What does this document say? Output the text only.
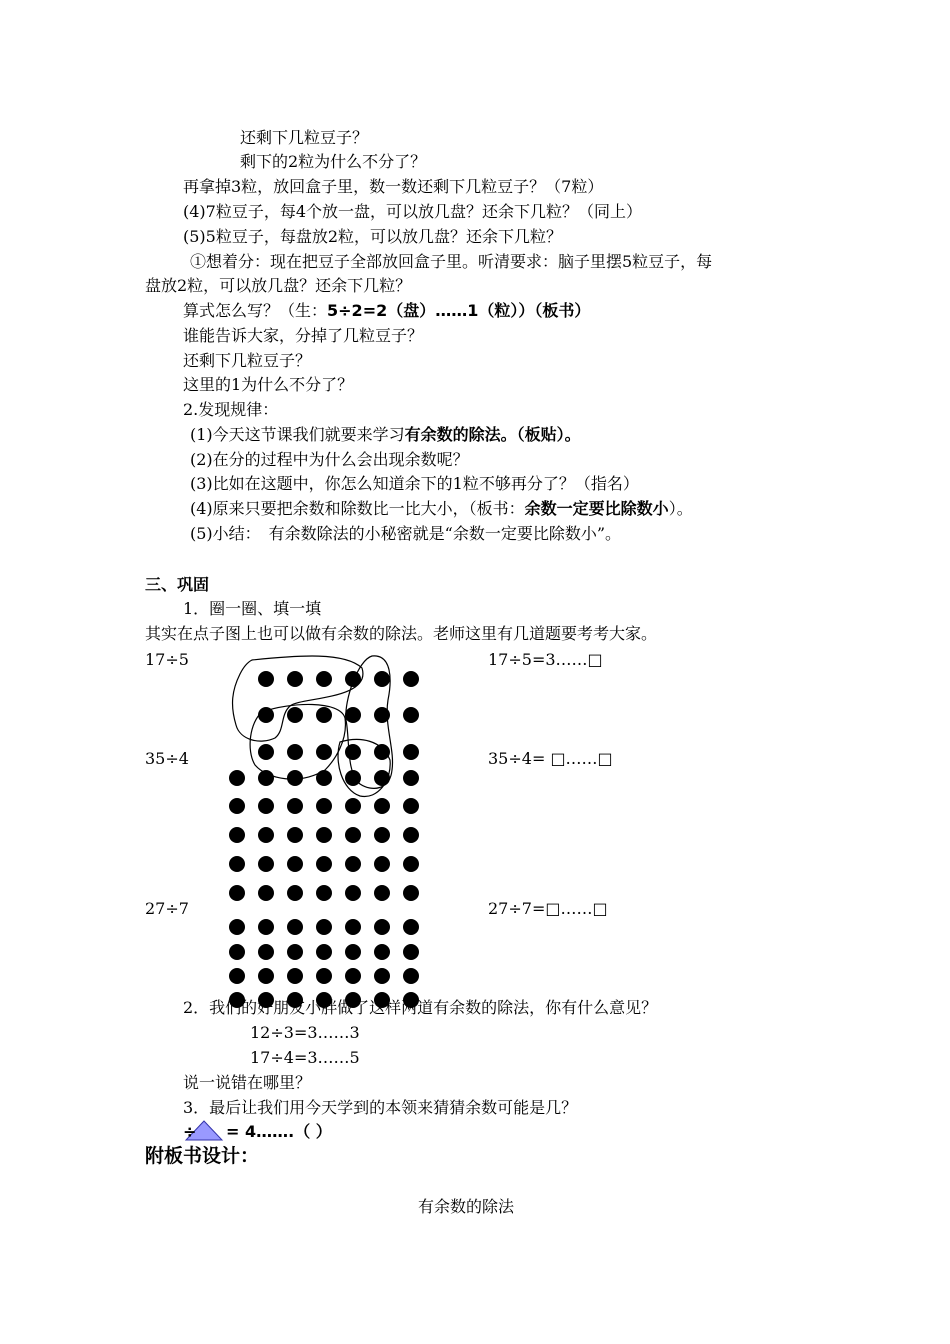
还剩下几粒豆子？
剩下的2粒为什么不分了？
再拿掉3粒，放回盒子里，数一数还剩下几粒豆子？（7粒）
(4)7粒豆子，每4个放一盘，可以放几盘？还余下几粒？（同上）
(5)5粒豆子，每盘放2粒，可以放几盘？还余下几粒？
①想着分：现在把豆子全部放回盒子里。听清要求：脑子里摆5粒豆子，每
盘放2粒，可以放几盘？还余下几粒？
算式怎么写？（生：5÷2=2（盘）……1（粒））（板书）
谁能告诉大家，分掉了几粒豆子？
还剩下几粒豆子？
这里的1为什么不分了？
2.发现规律：
(1)今天这节课我们就要来学习有余数的除法。（板贴）。
(2)在分的过程中为什么会出现余数呢？
(3)比如在这题中，你怎么知道余下的1粒不够再分了？（指名）
(4)原来只要把余数和除数比一比大小，（板书：余数一定要比除数小）。
(5)小结：　有余数除法的小秘密就是“余数一定要比除数小”。
三、巩固
1．圈一圈、填一填
其实在点子图上也可以做有余数的除法。老师这里有几道题要考考大家。
17÷5	17÷5=3……□
35÷4	35÷4= □……□
27÷7	27÷7=□……□
2．我们的好朋友小胖做了这样两道有余数的除法，你有什么意见？
12÷3=3……3
17÷4=3……5
说一说错在哪里？
3．最后让我们用今天学到的本领来猜猜余数可能是几？
÷ = 4…….（ ）
附板书设计：
有余数的除法
